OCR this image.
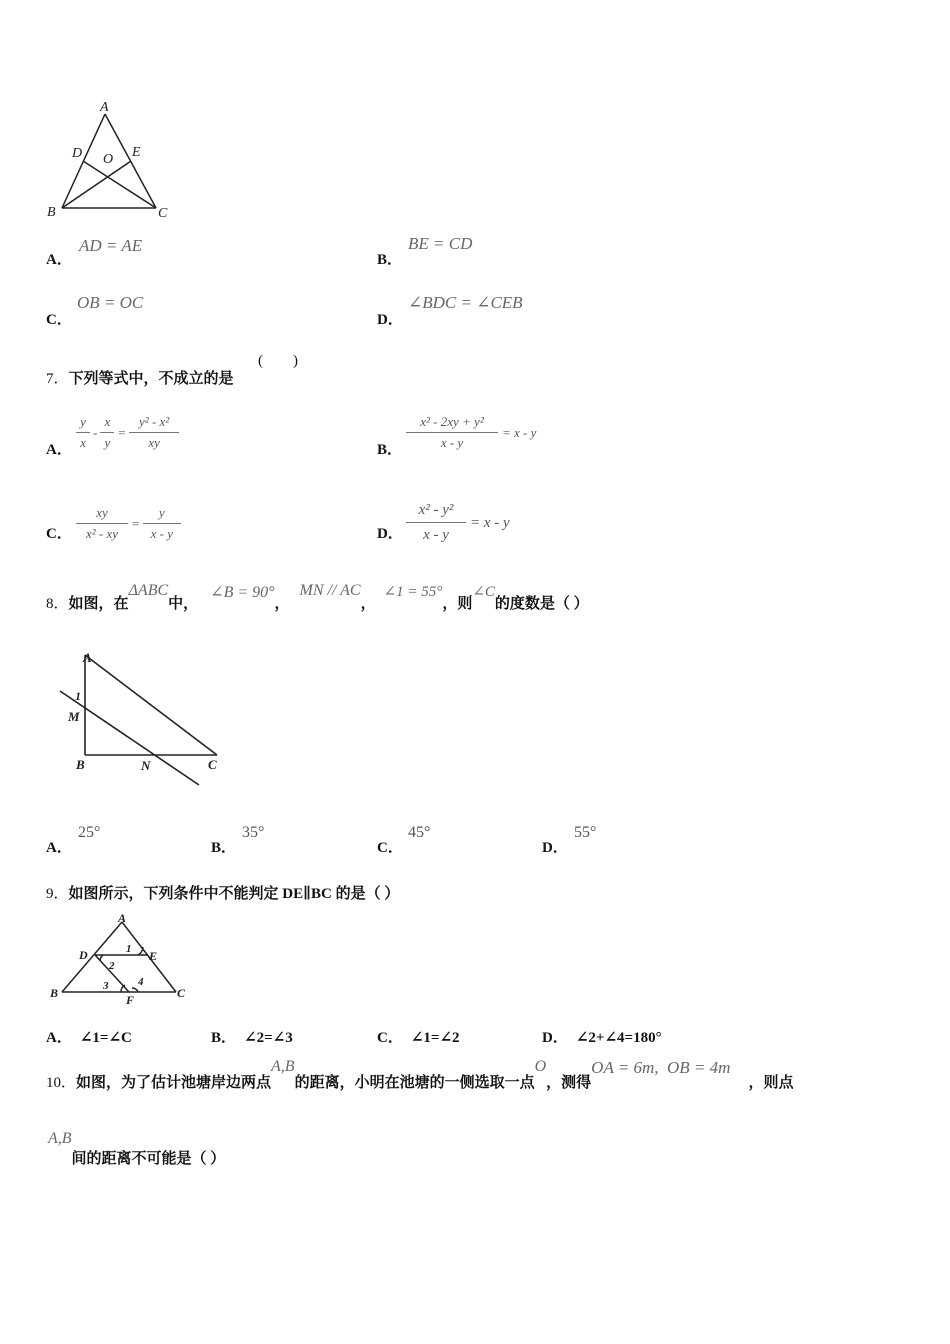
A
D O E
B	C
A．
AD = AE
B．
BE = CD
C．
OB = OC
D．
∠BDC = ∠CEB
7．下列等式中，不成立的是
(        )
A． $\frac{y}{x} - \frac{x}{y} = \frac{\text{y² - x²}}{xy}$	B． $\frac{\text{x² - 2xy + y²}}{x - y} = x - y$
C． $\frac{xy}{\text{x² - xy}} = \frac{y}{x - y}$	D． $\frac{\text{x² - y²}}{x - y} = x - y$
8． 如图，在
ΔABC
中，
∠B = 90°
，
MN // AC
，
∠1 = 55°
，则
∠C
的度数是（ ）
A
1
M
B	N	C
A．
25°
B．
35°
C．
45°
D．
55°
9．如图所示，下列条件中不能判定 DE∥BC 的是（ ）
A
D	E
1
2
3	4
B	F	C
A． ∠1=∠C	B． ∠2=∠3	C． ∠1=∠2	D． ∠2+∠4=180°
10． 如图，为了估计池塘岸边两点
A,B
的距离，小明在池塘的一侧选取一点
O
，测得
OA = 6m,  OB = 4m
，则点
A,B
间的距离不可能是（ ）
